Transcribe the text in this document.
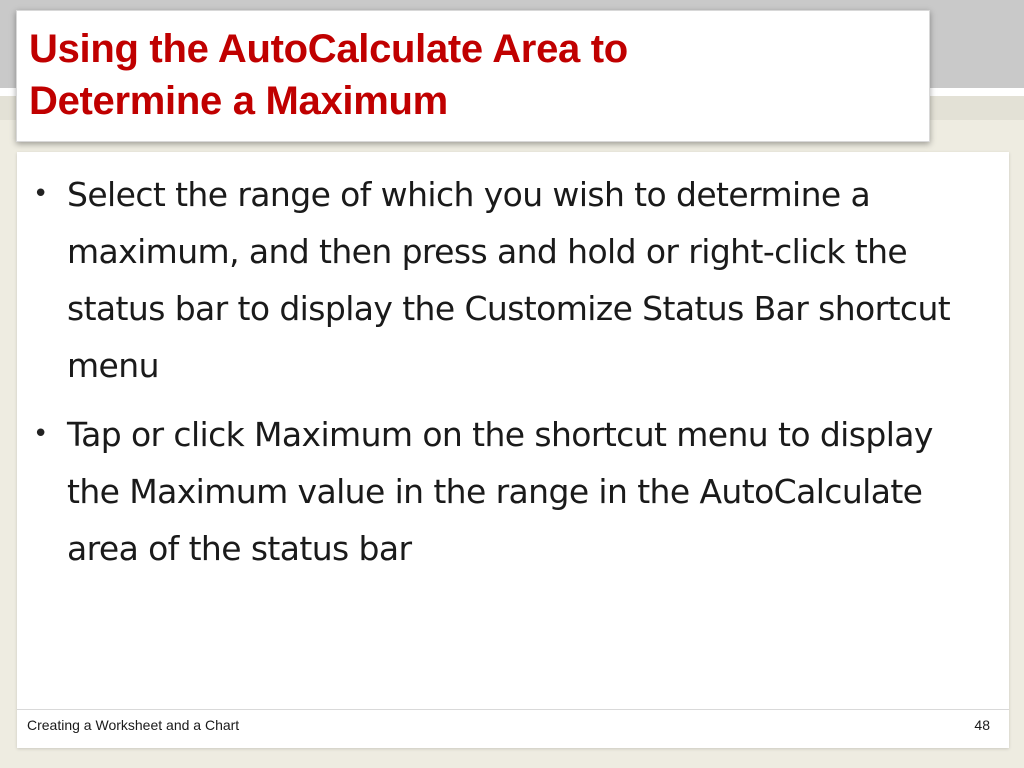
Using the AutoCalculate Area to
Determine a Maximum
• Select the range of which you wish to determine a maximum, and then press and hold or right-click the status bar to display the Customize Status Bar shortcut menu
• Tap or click Maximum on the shortcut menu to display the Maximum value in the range in the AutoCalculate area of the status bar
Creating a Worksheet and a Chart	48
